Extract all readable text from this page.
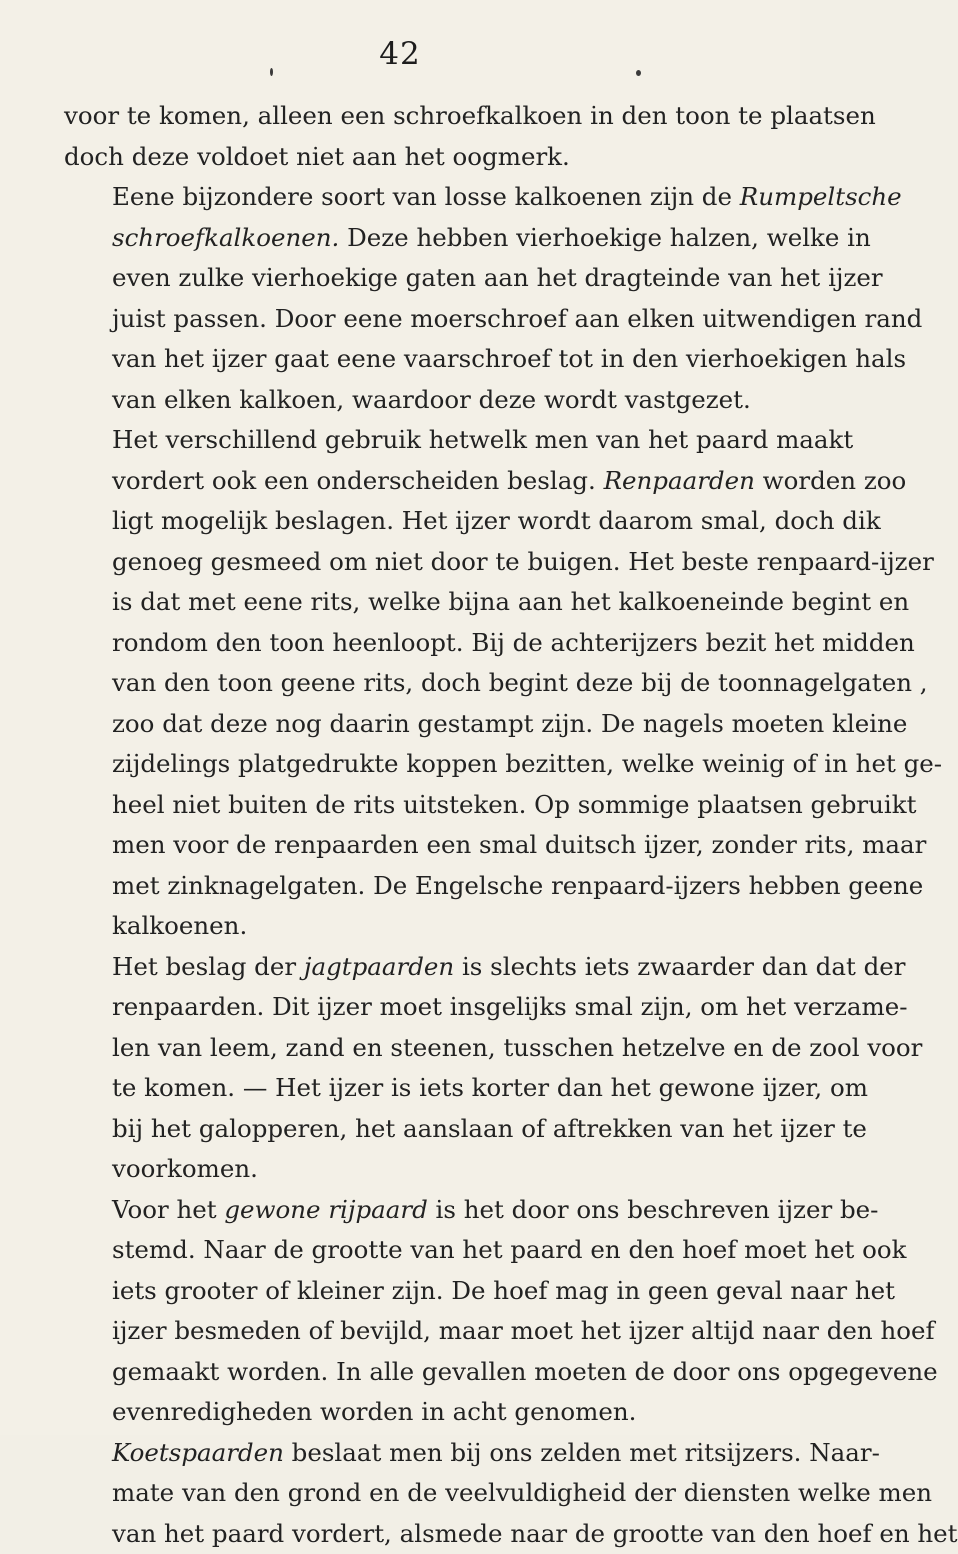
42

voor te komen, alleen een schroefkalkoen in den toon te plaatsen
doch deze voldoet niet aan het oogmerk.

Eene bijzondere soort van losse kalkoenen zijn de Rumpeltsche
schroefkalkoenen. Deze hebben vierhoekige halzen, welke in
even zulke vierhoekige gaten aan het dragteinde van het ijzer
juist passen. Door eene moerschroef aan elken uitwendigen rand
van het ijzer gaat eene vaarschroef tot in den vierhoekigen hals
van elken kalkoen, waardoor deze wordt vastgezet.

Het verschillend gebruik hetwelk men van het paard maakt
vordert ook een onderscheiden beslag. Renpaarden worden zoo
ligt mogelijk beslagen. Het ijzer wordt daarom smal, doch dik
genoeg gesmeed om niet door te buigen. Het beste renpaard-ijzer
is dat met eene rits, welke bijna aan het kalkoeneinde begint en
rondom den toon heenloopt. Bij de achterijzers bezit het midden
van den toon geene rits, doch begint deze bij de toonnagelgaten ,
zoo dat deze nog daarin gestampt zijn. De nagels moeten kleine
zijdelings platgedrukte koppen bezitten, welke weinig of in het ge-
heel niet buiten de rits uitsteken. Op sommige plaatsen gebruikt
men voor de renpaarden een smal duitsch ijzer, zonder rits, maar
met zinknagelgaten. De Engelsche renpaard-ijzers hebben geene
kalkoenen.

Het beslag der jagtpaarden is slechts iets zwaarder dan dat der
renpaarden. Dit ijzer moet insgelijks smal zijn, om het verzame-
len van leem, zand en steenen, tusschen hetzelve en de zool voor
te komen. — Het ijzer is iets korter dan het gewone ijzer, om
bij het galopperen, het aanslaan of aftrekken van het ijzer te
voorkomen.

Voor het gewone rijpaard is het door ons beschreven ijzer be-
stemd. Naar de grootte van het paard en den hoef moet het ook
iets grooter of kleiner zijn. De hoef mag in geen geval naar het
ijzer besmeden of bevijld, maar moet het ijzer altijd naar den hoef
gemaakt worden. In alle gevallen moeten de door ons opgegevene
evenredigheden worden in acht genomen.

Koetspaarden beslaat men bij ons zelden met ritsijzers. Naar-
mate van den grond en de veelvuldigheid der diensten welke men
van het paard vordert, alsmede naar de grootte van den hoef en het
